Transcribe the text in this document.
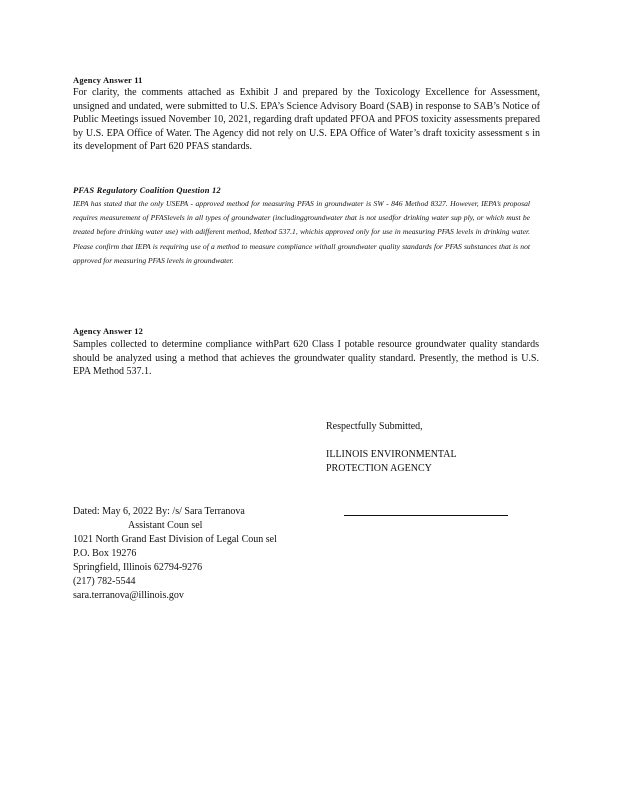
Agency Answer 11
For clarity, the comments attached as Exhibit J and prepared by the Toxicology Excellence for Assessment, unsigned and undated, were submitted to U.S. EPA’s Science Advisory Board (SAB) in response to SAB’s Notice of Public Meetings issued November 10, 2021, regarding draft updated PFOA and PFOS toxicity assessments prepared by U.S. EPA Office of Water. The Agency did not rely on U.S. EPA Office of Water’s draft toxicity assessment s in its development of Part 620 PFAS standards.
PFAS Regulatory Coalition Question 12
IEPA has stated that the only USEPA - approved method for measuring PFAS in groundwater is SW - 846 Method 8327. However, IEPA’s proposal requires measurement of PFASlevels in all types of groundwater (includinggroundwater that is not usedfor drinking water sup ply, or which must be treated before drinking water use) with adifferent method, Method 537.1, whichis approved only for use in measuring PFAS levels in drinking water. Please confirm that IEPA is requiring use of a method to measure compliance withall groundwater quality standards for PFAS substances that is not approved for measuring PFAS levels in groundwater.
Agency Answer 12
Samples collected to determine compliance withPart 620 Class I potable resource groundwater quality standards should be analyzed using a method that achieves the groundwater quality standard. Presently, the method is U.S. EPA Method 537.1.
Respectfully Submitted,
ILLINOIS ENVIRONMENTAL
PROTECTION AGENCY
Dated: May 6, 2022 By: /s/ Sara Terranova
Assistant Coun sel
1021 North Grand East Division of Legal Coun sel
P.O. Box 19276
Springfield, Illinois 62794-9276
(217) 782-5544
sara.terranova@illinois.gov
